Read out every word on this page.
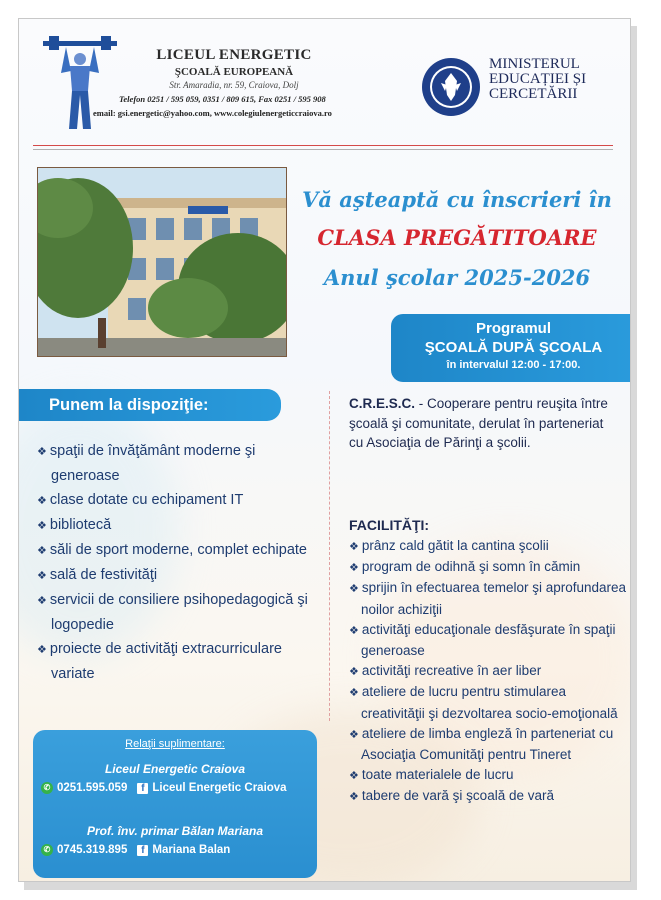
LICEUL ENERGETIC
ŞCOALĂ EUROPEANĂ
Str. Amaradia, nr. 59, Craiova, Dolj
Telefon 0251 / 595 059, 0351 / 809 615, Fax 0251 / 595 908
email: gsi.energetic@yahoo.com, www.colegiulenergeticcraiova.ro
MINISTERUL
EDUCAȚIEI ȘI
CERCETĂRII
Vă aşteaptă cu înscrieri în
CLASA PREGĂTITOARE
Anul şcolar 2025-2026
Programul
ŞCOALĂ DUPĂ ŞCOALA
în intervalul 12:00 - 17:00.
Punem la dispoziţie:
❖ spaţii de învăţământ moderne şi generoase
❖ clase dotate cu echipament IT
❖ bibliotecă
❖ săli de sport moderne, complet echipate
❖ sală de festivităţi
❖ servicii de consiliere psihopedagogică şi logopedie
❖ proiecte de activităţi extracurriculare variate
C.R.E.S.C. - Cooperare pentru reuşita între şcoală şi comunitate, derulat în parteneriat cu Asociaţia de Părinţi a şcolii.
FACILITĂŢI:
❖ prânz cald gătit la cantina şcolii
❖ program de odihnă şi somn în cămin
❖ sprijin în efectuarea temelor şi aprofundarea noilor achiziţii
❖ activităţi educaţionale desfăşurate în spaţii generoase
❖ activităţi recreative în aer liber
❖ ateliere de lucru pentru stimularea creativităţii şi dezvoltarea socio-emoţională
❖ ateliere de limba engleză în parteneriat cu Asociaţia Comunităţi pentru Tineret
❖ toate materialele de lucru
❖ tabere de vară şi şcoală de vară
Relaţii suplimentare:
Liceul Energetic Craiova
✆ 0251.595.059	f Liceul Energetic Craiova
Prof. înv. primar Bălan Mariana
✆ 0745.319.895	f Mariana Balan
